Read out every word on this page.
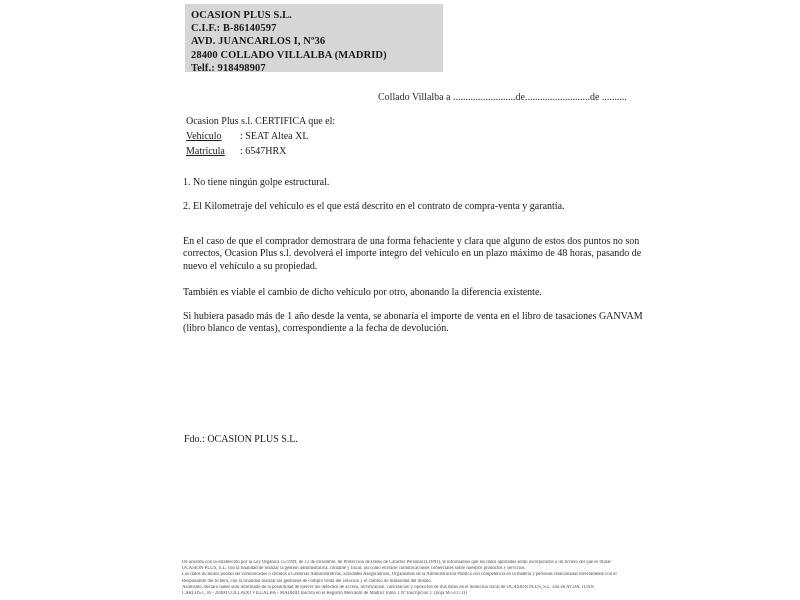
OCASION PLUS S.L.
C.I.F.: B-86140597
AVD. JUANCARLOS I, Nº36
28400 COLLADO VILLALBA (MADRID)
Telf.: 918498907
Collado Villalba a .........................de..........................de ..........
Ocasion Plus s.l. CERTIFICA que el:
Vehículo : SEAT Altea XL
Matrícula : 6547HRX
1. No tiene ningún golpe estructural.
2. El Kilometraje del vehículo es el que está descrito en el contrato de compra-venta y garantía.
En el caso de que el comprador demostrara de una forma fehaciente y clara que alguno de estos dos puntos no son correctos, Ocasion Plus s.l. devolverá el importe integro del vehículo en un plazo máximo de 48 horas, pasando de nuevo el vehículo a su propiedad.
También es viable el cambio de dicho vehículo por otro, abonando la diferencia existente.
Si hubiera pasado más de 1 año desde la venta, se abonaría el importe de venta en el libro de tasaciones GANVAM (libro blanco de ventas), correspondiente a la fecha de devolución.
Fdo.: OCASION PLUS S.L.
De acuerdo con lo establecido por la Ley Orgánica 15/1999, de 13 de diciembre, de Protección de Datos de Carácter Personal (LOPD), le informamos que los datos aportados serán incorporados a un fichero del que es titular
OCASIÓN PLUS, S.L. con la finalidad de realizar la gestión administrativa, contable y fiscal, así como enviarle comunicaciones comerciales sobre nuestros productos y servicios.
Los datos incluidos podrán ser comunicados o cedidos a Gestorías Administrativas, Entidades Aseguradoras, Organismos de la Administración Pública con competencia en la materia y personas relacionadas directamente con el
Responsable del fichero, con la finalidad realizar las gestiones de compra venta del vehículo y el cambio de titularidad del mismo.
Asimismo, declaro haber sido informado de la posibilidad de ejercer los derechos de acceso, rectificación, cancelación y oposición de mis datos en el domicilio fiscal de OCASIÓN PLUS, S.L. sito en AVDA. JUAN
CARLOS I, 36 - 28400 COLLADO VILLALBA - MADRID Inscrita en el Registro Mercantil de Madrid Tomo 1 Nº Inscripción 1. (hoja M-511731)
